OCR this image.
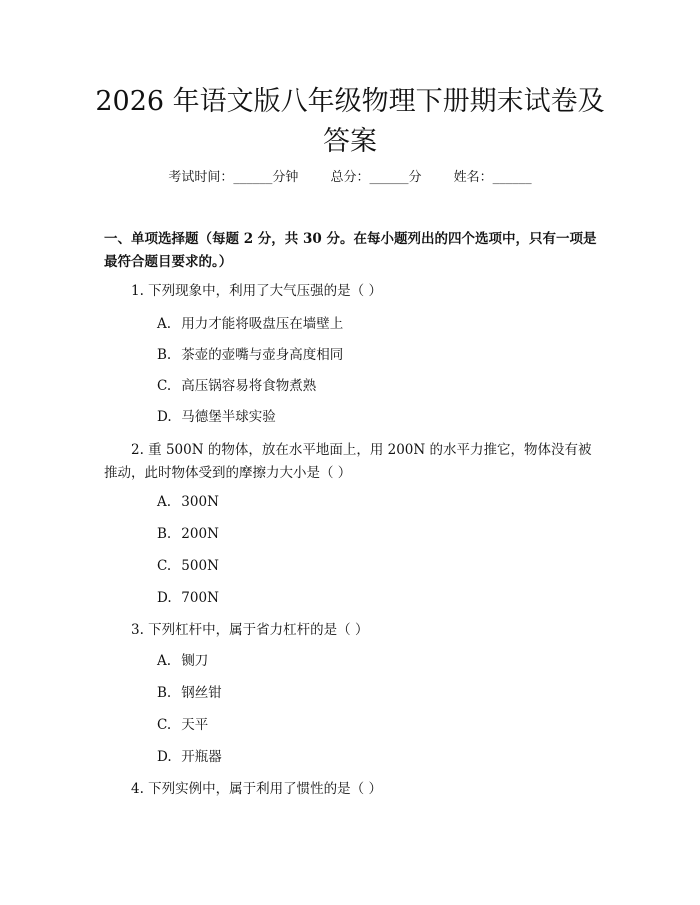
2026 年语文版八年级物理下册期末试卷及答案
考试时间：______分钟 总分：______分 姓名：______
一、单项选择题（每题 2 分，共 30 分。在每小题列出的四个选项中，只有一项是最符合题目要求的。）
1. 下列现象中，利用了大气压强的是（ ）
A. 用力才能将吸盘压在墙壁上
B. 茶壶的壶嘴与壶身高度相同
C. 高压锅容易将食物煮熟
D. 马德堡半球实验
2. 重 500N 的物体，放在水平地面上，用 200N 的水平力推它，物体没有被推动，此时物体受到的摩擦力大小是（ ）
A. 300N
B. 200N
C. 500N
D. 700N
3. 下列杠杆中，属于省力杠杆的是（ ）
A. 铡刀
B. 钢丝钳
C. 天平
D. 开瓶器
4. 下列实例中，属于利用了惯性的是（ ）
